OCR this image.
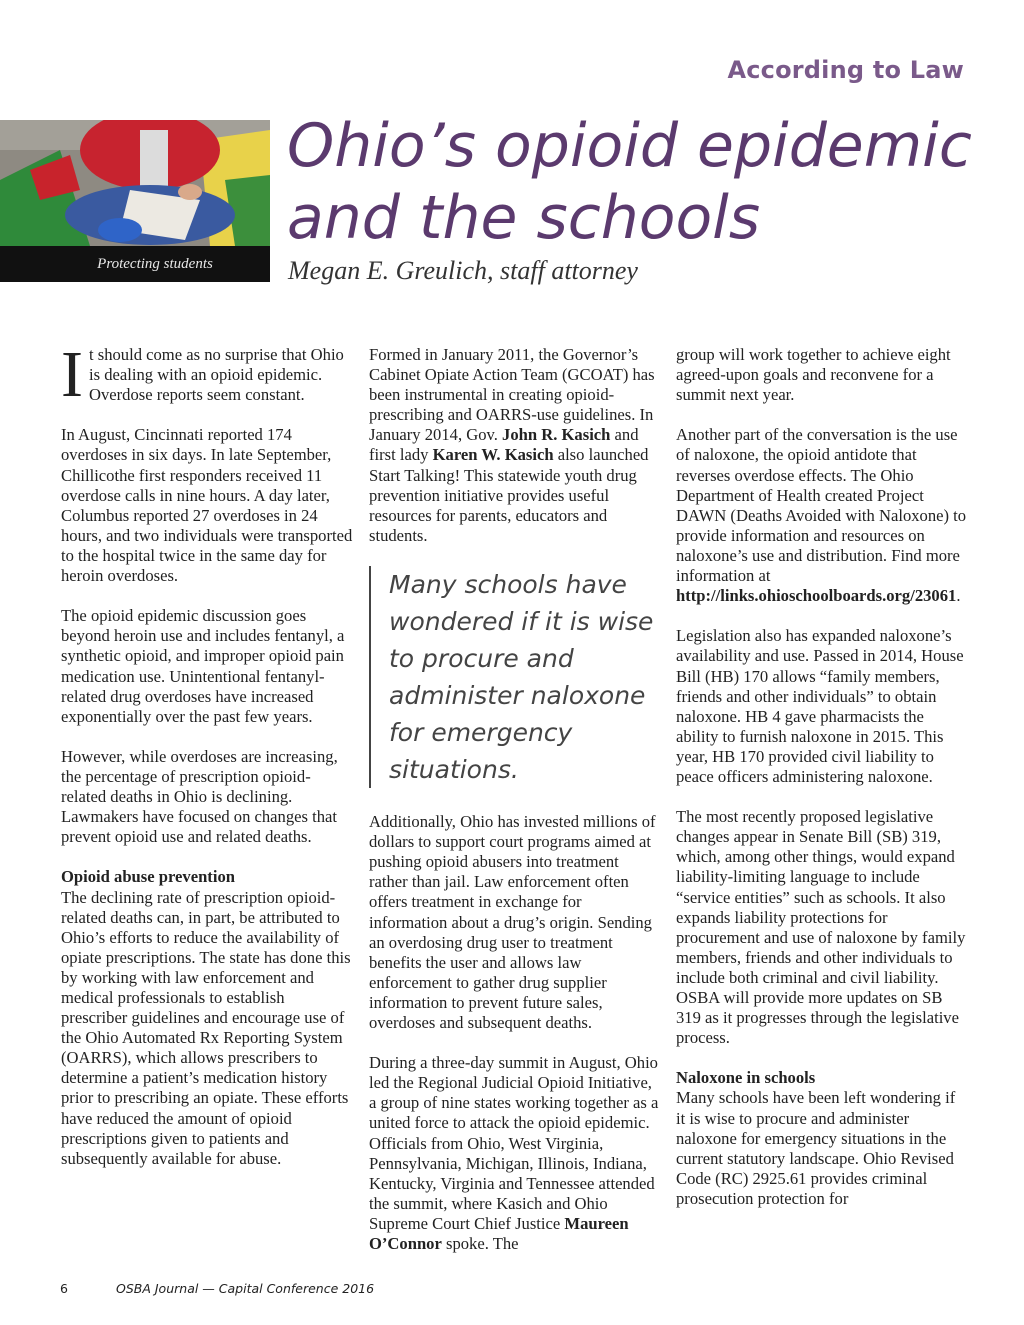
According to Law
Protecting students
Ohio’s opioid epidemic
and the schools
Megan E. Greulich, staff attorney

It should come as no surprise that Ohio is dealing with an opioid epidemic. Overdose reports seem constant.

In August, Cincinnati reported 174 overdoses in six days. In late September, Chillicothe first responders received 11 overdose calls in nine hours. A day later, Columbus reported 27 overdoses in 24 hours, and two individuals were transported to the hospital twice in the same day for heroin overdoses.

The opioid epidemic discussion goes beyond heroin use and includes fentanyl, a synthetic opioid, and improper opioid pain medication use. Unintentional fentanyl-related drug overdoses have increased exponentially over the past few years.

However, while overdoses are increasing, the percentage of prescription opioid-related deaths in Ohio is declining. Lawmakers have focused on changes that prevent opioid use and related deaths.

Opioid abuse prevention
The declining rate of prescription opioid-related deaths can, in part, be attributed to Ohio’s efforts to reduce the availability of opiate prescriptions. The state has done this by working with law enforcement and medical professionals to establish prescriber guidelines and encourage use of the Ohio Automated Rx Reporting System (OARRS), which allows prescribers to determine a patient’s medication history prior to prescribing an opiate. These efforts have reduced the amount of opioid prescriptions given to patients and subsequently available for abuse.

Formed in January 2011, the Governor’s Cabinet Opiate Action Team (GCOAT) has been instrumental in creating opioid-prescribing and OARRS-use guidelines. In January 2014, Gov. John R. Kasich and first lady Karen W. Kasich also launched Start Talking! This statewide youth drug prevention initiative provides useful resources for parents, educators and students.

Many schools have wondered if it is wise to procure and administer naloxone for emergency situations.

Additionally, Ohio has invested millions of dollars to support court programs aimed at pushing opioid abusers into treatment rather than jail. Law enforcement often offers treatment in exchange for information about a drug’s origin. Sending an overdosing drug user to treatment benefits the user and allows law enforcement to gather drug supplier information to prevent future sales, overdoses and subsequent deaths.

During a three-day summit in August, Ohio led the Regional Judicial Opioid Initiative, a group of nine states working together as a united force to attack the opioid epidemic. Officials from Ohio, West Virginia, Pennsylvania, Michigan, Illinois, Indiana, Kentucky, Virginia and Tennessee attended the summit, where Kasich and Ohio Supreme Court Chief Justice Maureen O’Connor spoke. The

group will work together to achieve eight agreed-upon goals and reconvene for a summit next year.

Another part of the conversation is the use of naloxone, the opioid antidote that reverses overdose effects. The Ohio Department of Health created Project DAWN (Deaths Avoided with Naloxone) to provide information and resources on naloxone’s use and distribution. Find more information at http://links.ohioschoolboards.org/23061.

Legislation also has expanded naloxone’s availability and use. Passed in 2014, House Bill (HB) 170 allows “family members, friends and other individuals” to obtain naloxone. HB 4 gave pharmacists the ability to furnish naloxone in 2015. This year, HB 170 provided civil liability to peace officers administering naloxone.

The most recently proposed legislative changes appear in Senate Bill (SB) 319, which, among other things, would expand liability-limiting language to include “service entities” such as schools. It also expands liability protections for procurement and use of naloxone by family members, friends and other individuals to include both criminal and civil liability. OSBA will provide more updates on SB 319 as it progresses through the legislative process.

Naloxone in schools
Many schools have been left wondering if it is wise to procure and administer naloxone for emergency situations in the current statutory landscape. Ohio Revised Code (RC) 2925.61 provides criminal prosecution protection for

6	OSBA Journal — Capital Conference 2016
